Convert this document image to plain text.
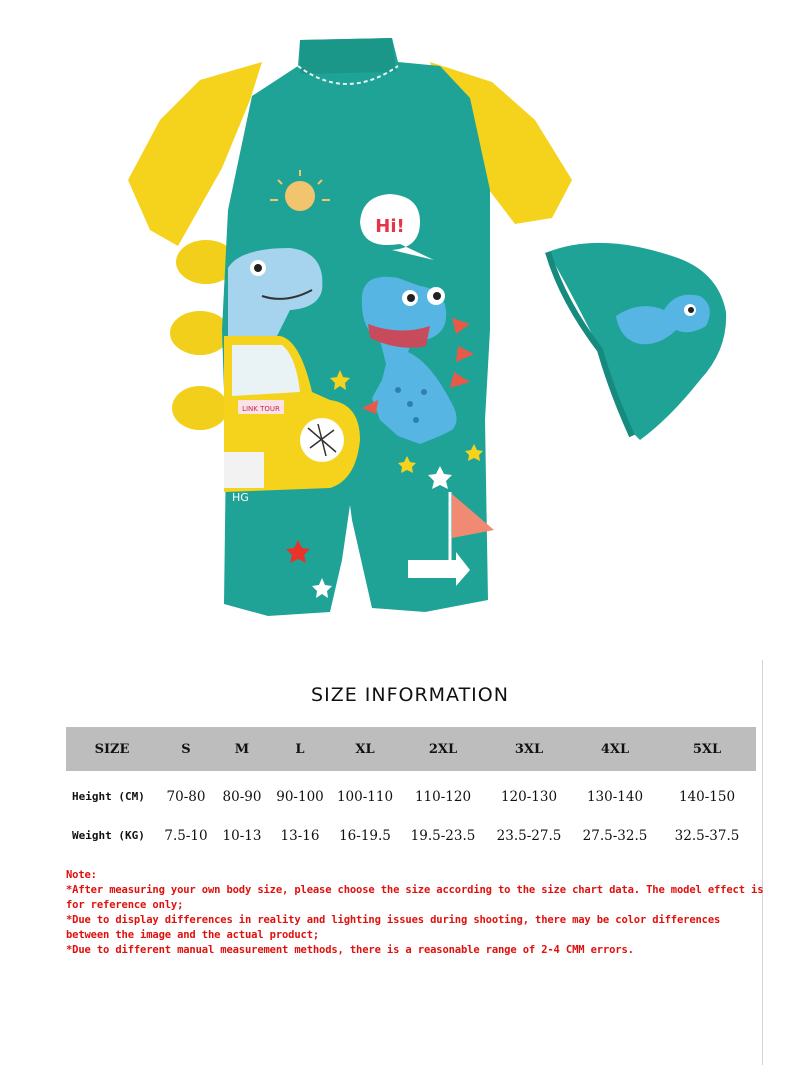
Hi!
LINK TOUR
HG
SIZE INFORMATION
SIZE	S	M	L	XL	2XL	3XL	4XL	5XL
Height (CM)	70-80	80-90	90-100	100-110	110-120	120-130	130-140	140-150
Weight (KG)	7.5-10	10-13	13-16	16-19.5	19.5-23.5	23.5-27.5	27.5-32.5	32.5-37.5
Note:
*After measuring your own body size, please choose the size according to the size chart data. The model effect is for reference only;
*Due to display differences in reality and lighting issues during shooting, there may be color differences between the image and the actual product;
*Due to different manual measurement methods, there is a reasonable range of 2-4 CMM errors.
